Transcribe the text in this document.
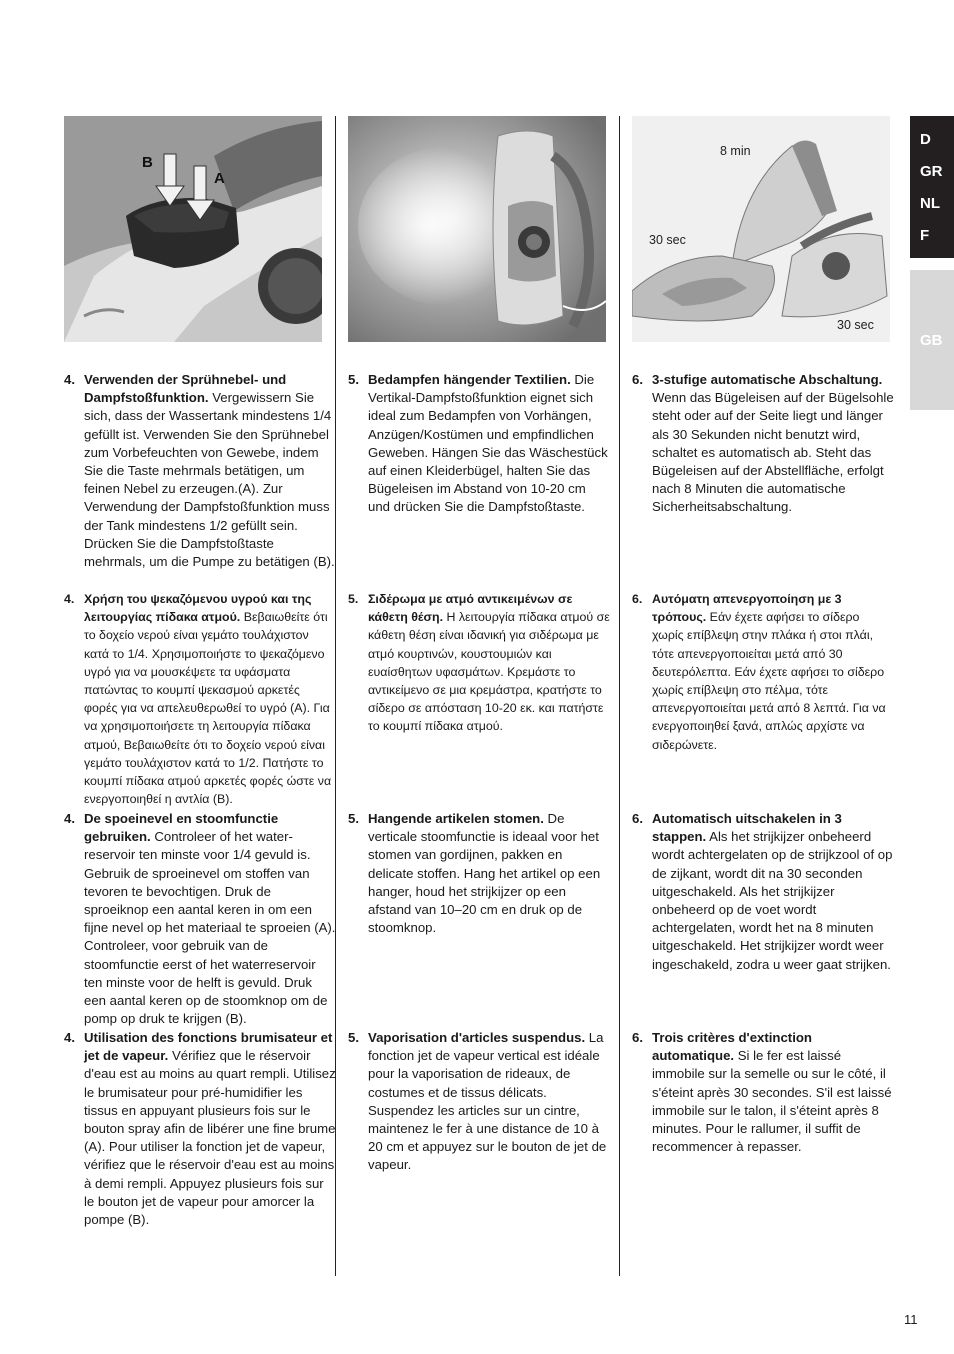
B
A
8 min
30 sec
30 sec
4. Verwenden der Sprühnebel- und Dampfstoßfunktion. Vergewissern Sie sich, dass der Wassertank mindestens 1/4 gefüllt ist. Verwenden Sie den Sprühnebel zum Vorbefeuchten von Gewebe, indem Sie die Taste mehrmals betätigen, um feinen Nebel zu erzeugen.(A). Zur Verwendung der Dampfstoßfunktion muss der Tank mindestens 1/2 gefüllt sein. Drücken Sie die Dampfstoßtaste mehrmals, um die Pumpe zu betätigen (B).
4. Χρήση του ψεκαζόμενου υγρού και της λειτουργίας πίδακα ατμού. Βεβαιωθείτε ότι το δοχείο νερού είναι γεμάτο τουλάχιστον κατά το 1/4. Χρησιμοποιήστε το ψεκαζόμενο υγρό για να μουσκέψετε τα υφάσματα πατώντας το κουμπί ψεκασμού αρκετές φορές για να απελευθερωθεί το υγρό (A). Για να χρησιμοποιήσετε τη λειτουργία πίδακα ατμού, Βεβαιωθείτε ότι το δοχείο νερού είναι γεμάτο τουλάχιστον κατά το 1/2. Πατήστε το κουμπί πίδακα ατμού αρκετές φορές ώστε να ενεργοποιηθεί η αντλία (B).
4. De spoeinevel en stoomfunctie gebruiken. Controleer of het water-reservoir ten minste voor 1/4 gevuld is. Gebruik de sproeinevel om stoffen van tevoren te bevochtigen. Druk de sproeiknop een aantal keren in om een fijne nevel op het materiaal te sproeien (A). Controleer, voor gebruik van de stoomfunctie eerst of het waterreservoir ten minste voor de helft is gevuld. Druk een aantal keren op de stoomknop om de pomp op druk te krijgen (B).
4. Utilisation des fonctions brumisateur et jet de vapeur. Vérifiez que le réservoir d'eau est au moins au quart rempli. Utilisez le brumisateur pour pré-humidifier les tissus en appuyant plusieurs fois sur le bouton spray afin de libérer une fine brume (A). Pour utiliser la fonction jet de vapeur, vérifiez que le réservoir d'eau est au moins à demi rempli. Appuyez plusieurs fois sur le bouton jet de vapeur pour amorcer la pompe (B).
5. Bedampfen hängender Textilien. Die Vertikal-Dampfstoßfunktion eignet sich ideal zum Bedampfen von Vorhängen, Anzügen/Kostümen und empfindlichen Geweben. Hängen Sie das Wäschestück auf einen Kleiderbügel, halten Sie das Bügeleisen im Abstand von 10-20 cm und drücken Sie die Dampfstoßtaste.
5. Σιδέρωμα με ατμό αντικειμένων σε κάθετη θέση. Η λειτουργία πίδακα ατμού σε κάθετη θέση είναι ιδανική για σιδέρωμα με ατμό κουρτινών, κουστουμιών και ευαίσθητων υφασμάτων. Κρεμάστε το αντικείμενο σε μια κρεμάστρα, κρατήστε το σίδερο σε απόσταση 10-20 εκ. και πατήστε το κουμπί πίδακα ατμού.
5. Hangende artikelen stomen. De verticale stoomfunctie is ideaal voor het stomen van gordijnen, pakken en delicate stoffen. Hang het artikel op een hanger, houd het strijkijzer op een afstand van 10–20 cm en druk op de stoomknop.
5. Vaporisation d'articles suspendus. La fonction jet de vapeur vertical est idéale pour la vaporisation de rideaux, de costumes et de tissus délicats. Suspendez les articles sur un cintre, maintenez le fer à une distance de 10 à 20 cm et appuyez sur le bouton de jet de vapeur.
6. 3-stufige automatische Abschaltung. Wenn das Bügeleisen auf der Bügelsohle steht oder auf der Seite liegt und länger als 30 Sekunden nicht benutzt wird, schaltet es automatisch ab. Steht das Bügeleisen auf der Abstellfläche, erfolgt nach 8 Minuten die automatische Sicherheitsabschaltung.
6. Αυτόματη απενεργοποίηση με 3 τρόπους. Εάν έχετε αφήσει το σίδερο χωρίς επίβλεψη στην πλάκα ή στοι πλάι, τότε απενεργοποιείται μετά από 30 δευτερόλεπτα. Εάν έχετε αφήσει το σίδερο χωρίς επίβλεψη στο πέλμα, τότε απενεργοποιείται μετά από 8 λεπτά. Για να ενεργοποιηθεί ξανά, απλώς αρχίστε να σιδερώνετε.
6. Automatisch uitschakelen in 3 stappen. Als het strijkijzer onbeheerd wordt achtergelaten op de strijkzool of op de zijkant, wordt dit na 30 seconden uitgeschakeld. Als het strijkijzer onbeheerd op de voet wordt achtergelaten, wordt het na 8 minuten uitgeschakeld. Het strijkijzer wordt weer ingeschakeld, zodra u weer gaat strijken.
6. Trois critères d'extinction automatique. Si le fer est laissé immobile sur la semelle ou sur le côté, il s'éteint après 30 secondes. S'il est laissé immobile sur le talon, il s'éteint après 8 minutes. Pour le rallumer, il suffit de recommencer à repasser.
D
GR
NL
F
GB
11
